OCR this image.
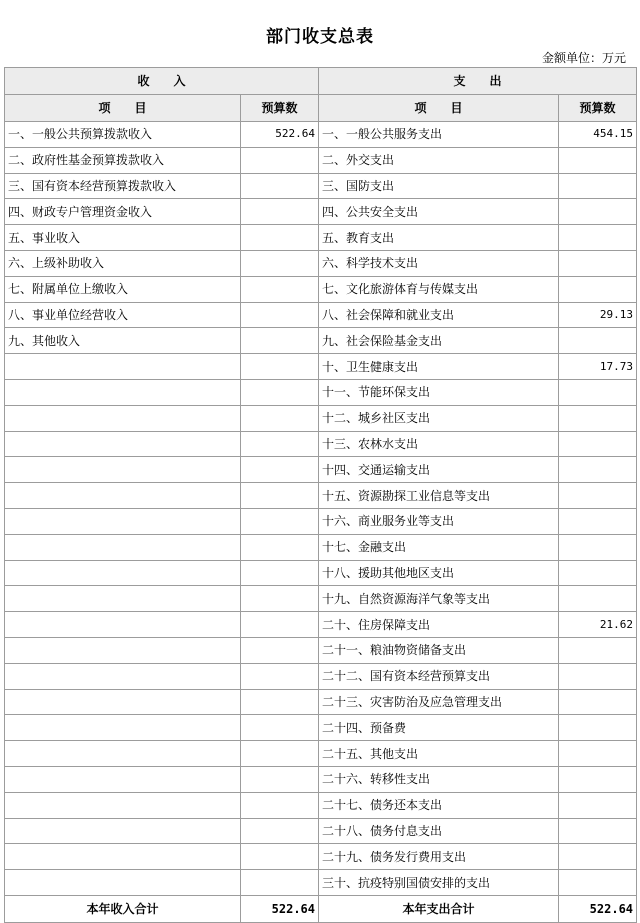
部门收支总表
金额单位：万元
收　　入		支　　出	
项　　目	预算数	项　　目	预算数
一、一般公共预算拨款收入	522.64	一、一般公共服务支出	454.15
二、政府性基金预算拨款收入		二、外交支出	
三、国有资本经营预算拨款收入		三、国防支出	
四、财政专户管理资金收入		四、公共安全支出	
五、事业收入		五、教育支出	
六、上级补助收入		六、科学技术支出	
七、附属单位上缴收入		七、文化旅游体育与传媒支出	
八、事业单位经营收入		八、社会保障和就业支出	29.13
九、其他收入		九、社会保险基金支出	
		十、卫生健康支出	17.73
		十一、节能环保支出	
		十二、城乡社区支出	
		十三、农林水支出	
		十四、交通运输支出	
		十五、资源勘探工业信息等支出	
		十六、商业服务业等支出	
		十七、金融支出	
		十八、援助其他地区支出	
		十九、自然资源海洋气象等支出	
		二十、住房保障支出	21.62
		二十一、粮油物资储备支出	
		二十二、国有资本经营预算支出	
		二十三、灾害防治及应急管理支出	
		二十四、预备费	
		二十五、其他支出	
		二十六、转移性支出	
		二十七、债务还本支出	
		二十八、债务付息支出	
		二十九、债务发行费用支出	
		三十、抗疫特别国债安排的支出	
本年收入合计	522.64	本年支出合计	522.64
